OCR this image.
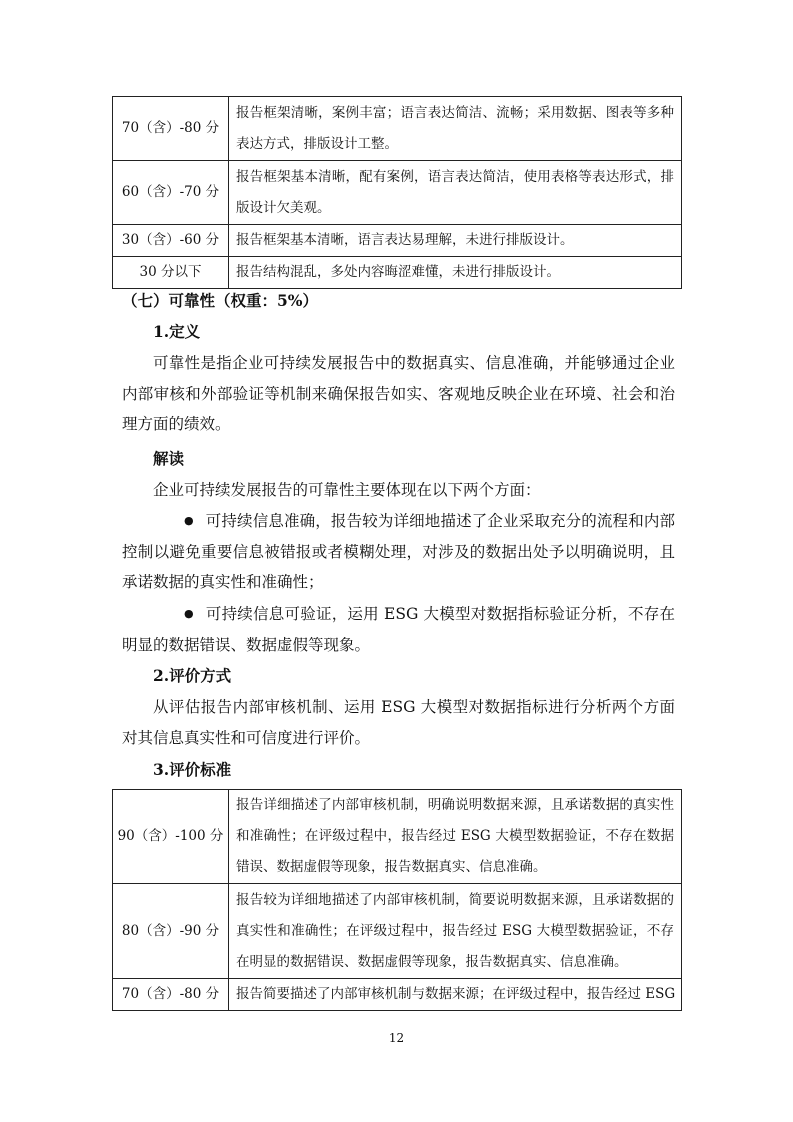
70（含）-80 分	报告框架清晰，案例丰富；语言表达简洁、流畅；采用数据、图表等多种表达方式，排版设计工整。
60（含）-70 分	报告框架基本清晰，配有案例，语言表达简洁，使用表格等表达形式，排版设计欠美观。
30（含）-60 分	报告框架基本清晰，语言表达易理解，未进行排版设计。
30 分以下	报告结构混乱，多处内容晦涩难懂，未进行排版设计。

（七）可靠性（权重：5%）

1.定义

可靠性是指企业可持续发展报告中的数据真实、信息准确，并能够通过企业内部审核和外部验证等机制来确保报告如实、客观地反映企业在环境、社会和治理方面的绩效。

解读

企业可持续发展报告的可靠性主要体现在以下两个方面：

● 可持续信息准确，报告较为详细地描述了企业采取充分的流程和内部控制以避免重要信息被错报或者模糊处理，对涉及的数据出处予以明确说明，且承诺数据的真实性和准确性；

● 可持续信息可验证，运用 ESG 大模型对数据指标验证分析，不存在明显的数据错误、数据虚假等现象。

2.评价方式

从评估报告内部审核机制、运用 ESG 大模型对数据指标进行分析两个方面对其信息真实性和可信度进行评价。

3.评价标准

90（含）-100 分	报告详细描述了内部审核机制，明确说明数据来源，且承诺数据的真实性和准确性；在评级过程中，报告经过 ESG 大模型数据验证，不存在数据错误、数据虚假等现象，报告数据真实、信息准确。
80（含）-90 分	报告较为详细地描述了内部审核机制，简要说明数据来源，且承诺数据的真实性和准确性；在评级过程中，报告经过 ESG 大模型数据验证，不存在明显的数据错误、数据虚假等现象，报告数据真实、信息准确。
70（含）-80 分	报告简要描述了内部审核机制与数据来源；在评级过程中，报告经过 ESG
12
